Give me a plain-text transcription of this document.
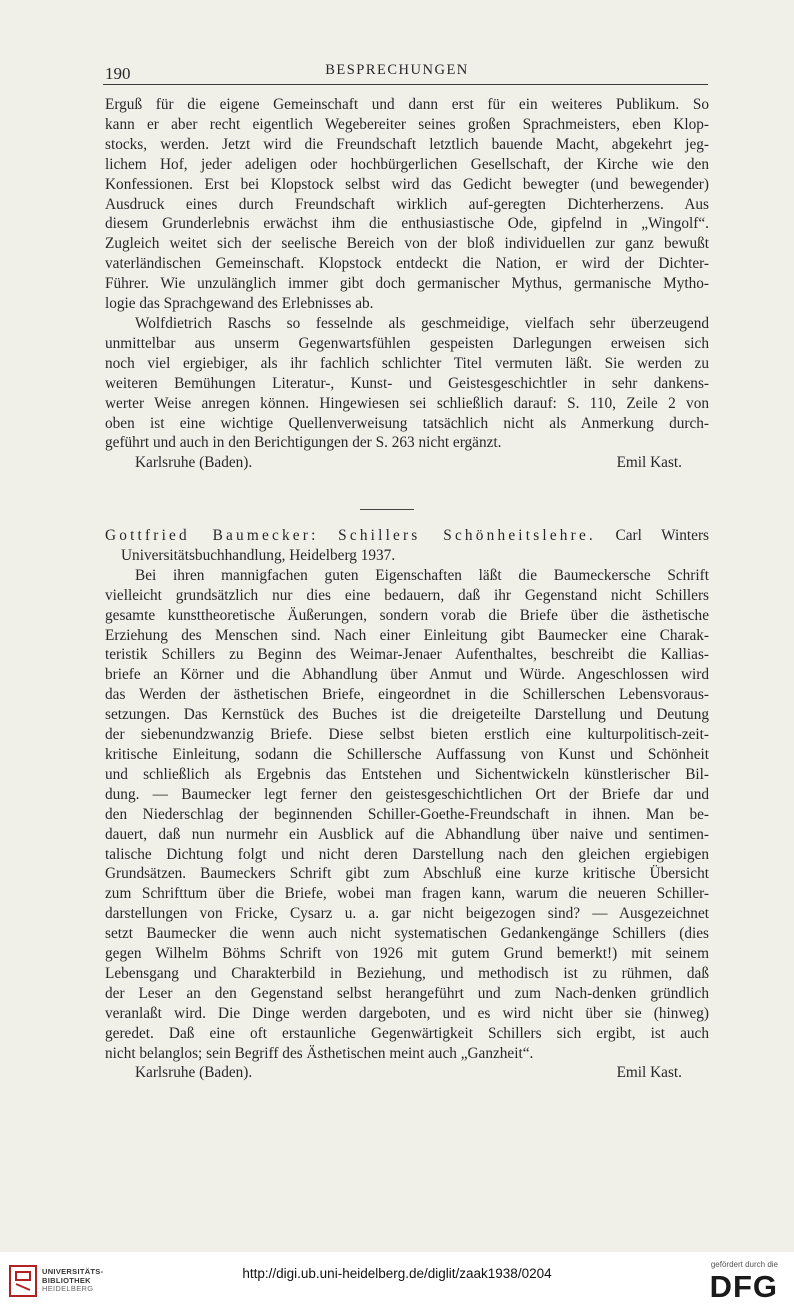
190	BESPRECHUNGEN
Erguß für die eigene Gemeinschaft und dann erst für ein weiteres Publikum. So
kann er aber recht eigentlich Wegebereiter seines großen Sprachmeisters, eben Klop-
stocks, werden. Jetzt wird die Freundschaft letztlich bauende Macht, abgekehrt jeg-
lichem Hof, jeder adeligen oder hochbürgerlichen Gesellschaft, der Kirche wie den
Konfessionen. Erst bei Klopstock selbst wird das Gedicht bewegter (und bewegender)
Ausdruck eines durch Freundschaft wirklich auf-geregten Dichterherzens. Aus
diesem Grunderlebnis erwächst ihm die enthusiastische Ode, gipfelnd in „Wingolf“.
Zugleich weitet sich der seelische Bereich von der bloß individuellen zur ganz bewußt
vaterländischen Gemeinschaft. Klopstock entdeckt die Nation, er wird der Dichter-
Führer. Wie unzulänglich immer gibt doch germanischer Mythus, germanische Mytho-
logie das Sprachgewand des Erlebnisses ab.
Wolfdietrich Raschs so fesselnde als geschmeidige, vielfach sehr überzeugend
unmittelbar aus unserm Gegenwartsfühlen gespeisten Darlegungen erweisen sich
noch viel ergiebiger, als ihr fachlich schlichter Titel vermuten läßt. Sie werden zu
weiteren Bemühungen Literatur-, Kunst- und Geistesgeschichtler in sehr dankens-
werter Weise anregen können. Hingewiesen sei schließlich darauf: S. 110, Zeile 2 von
oben ist eine wichtige Quellenverweisung tatsächlich nicht als Anmerkung durch-
geführt und auch in den Berichtigungen der S. 263 nicht ergänzt.
Karlsruhe (Baden).	Emil Kast.
Gottfried Baumecker: Schillers Schönheitslehre. Carl Winters
Universitätsbuchhandlung, Heidelberg 1937.
Bei ihren mannigfachen guten Eigenschaften läßt die Baumeckersche Schrift
vielleicht grundsätzlich nur dies eine bedauern, daß ihr Gegenstand nicht Schillers
gesamte kunsttheoretische Äußerungen, sondern vorab die Briefe über die ästhetische
Erziehung des Menschen sind. Nach einer Einleitung gibt Baumecker eine Charak-
teristik Schillers zu Beginn des Weimar-Jenaer Aufenthaltes, beschreibt die Kallias-
briefe an Körner und die Abhandlung über Anmut und Würde. Angeschlossen wird
das Werden der ästhetischen Briefe, eingeordnet in die Schillerschen Lebensvoraus-
setzungen. Das Kernstück des Buches ist die dreigeteilte Darstellung und Deutung
der siebenundzwanzig Briefe. Diese selbst bieten erstlich eine kulturpolitisch-zeit-
kritische Einleitung, sodann die Schillersche Auffassung von Kunst und Schönheit
und schließlich als Ergebnis das Entstehen und Sichentwickeln künstlerischer Bil-
dung. — Baumecker legt ferner den geistesgeschichtlichen Ort der Briefe dar und
den Niederschlag der beginnenden Schiller-Goethe-Freundschaft in ihnen. Man be-
dauert, daß nun nurmehr ein Ausblick auf die Abhandlung über naive und sentimen-
talische Dichtung folgt und nicht deren Darstellung nach den gleichen ergiebigen
Grundsätzen. Baumeckers Schrift gibt zum Abschluß eine kurze kritische Übersicht
zum Schrifttum über die Briefe, wobei man fragen kann, warum die neueren Schiller-
darstellungen von Fricke, Cysarz u. a. gar nicht beigezogen sind? — Ausgezeichnet
setzt Baumecker die wenn auch nicht systematischen Gedankengänge Schillers (dies
gegen Wilhelm Böhms Schrift von 1926 mit gutem Grund bemerkt!) mit seinem
Lebensgang und Charakterbild in Beziehung, und methodisch ist zu rühmen, daß
der Leser an den Gegenstand selbst herangeführt und zum Nach-denken gründlich
veranlaßt wird. Die Dinge werden dargeboten, und es wird nicht über sie (hinweg)
geredet. Daß eine oft erstaunliche Gegenwärtigkeit Schillers sich ergibt, ist auch
nicht belanglos; sein Begriff des Ästhetischen meint auch „Ganzheit“.
Karlsruhe (Baden).	Emil Kast.
UNIVERSITÄTS-
BIBLIOTHEK
HEIDELBERG
http://digi.ub.uni-heidelberg.de/diglit/zaak1938/0204
gefördert durch die
DFG
